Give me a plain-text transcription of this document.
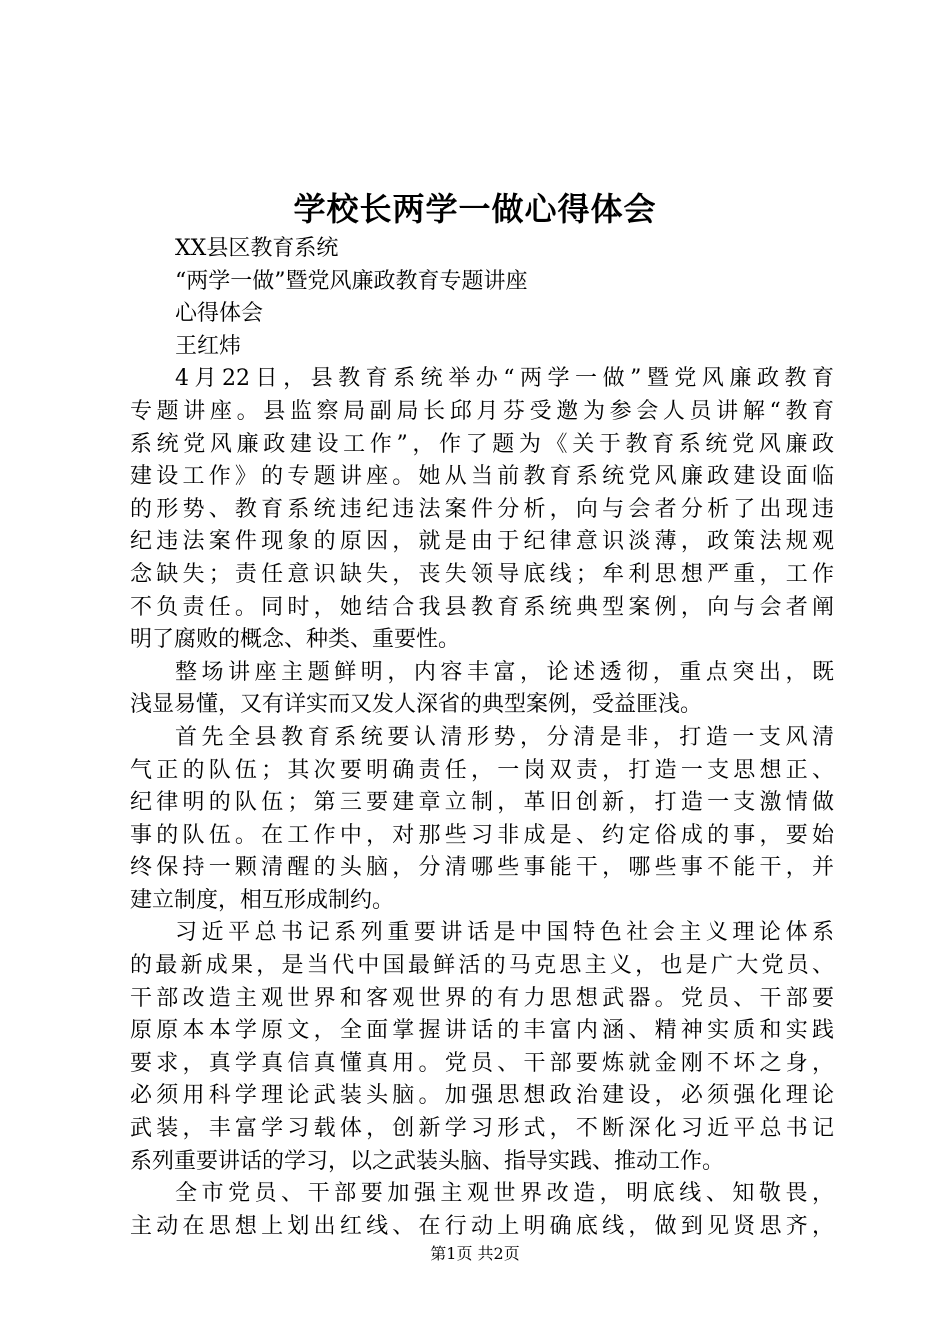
学校长两学一做心得体会
XX县区教育系统
“两学一做”暨党风廉政教育专题讲座
心得体会
王红炜
4月22日，县教育系统举办“两学一做”暨党风廉政教育
专题讲座。县监察局副局长邱月芬受邀为参会人员讲解“教育
系统党风廉政建设工作”，作了题为《关于教育系统党风廉政
建设工作》的专题讲座。她从当前教育系统党风廉政建设面临
的形势、教育系统违纪违法案件分析，向与会者分析了出现违
纪违法案件现象的原因，就是由于纪律意识淡薄，政策法规观
念缺失；责任意识缺失，丧失领导底线；牟利思想严重，工作
不负责任。同时，她结合我县教育系统典型案例，向与会者阐
明了腐败的概念、种类、重要性。
整场讲座主题鲜明，内容丰富，论述透彻，重点突出，既
浅显易懂，又有详实而又发人深省的典型案例，受益匪浅。
首先全县教育系统要认清形势，分清是非，打造一支风清
气正的队伍；其次要明确责任，一岗双责，打造一支思想正、
纪律明的队伍；第三要建章立制，革旧创新，打造一支激情做
事的队伍。在工作中，对那些习非成是、约定俗成的事，要始
终保持一颗清醒的头脑，分清哪些事能干，哪些事不能干，并
建立制度，相互形成制约。
习近平总书记系列重要讲话是中国特色社会主义理论体系
的最新成果，是当代中国最鲜活的马克思主义，也是广大党员、
干部改造主观世界和客观世界的有力思想武器。党员、干部要
原原本本学原文，全面掌握讲话的丰富内涵、精神实质和实践
要求，真学真信真懂真用。党员、干部要炼就金刚不坏之身，
必须用科学理论武装头脑。加强思想政治建设，必须强化理论
武装，丰富学习载体，创新学习形式，不断深化习近平总书记
系列重要讲话的学习，以之武装头脑、指导实践、推动工作。
全市党员、干部要加强主观世界改造，明底线、知敬畏，
主动在思想上划出红线、在行动上明确底线，做到见贤思齐，
第1页 共2页
